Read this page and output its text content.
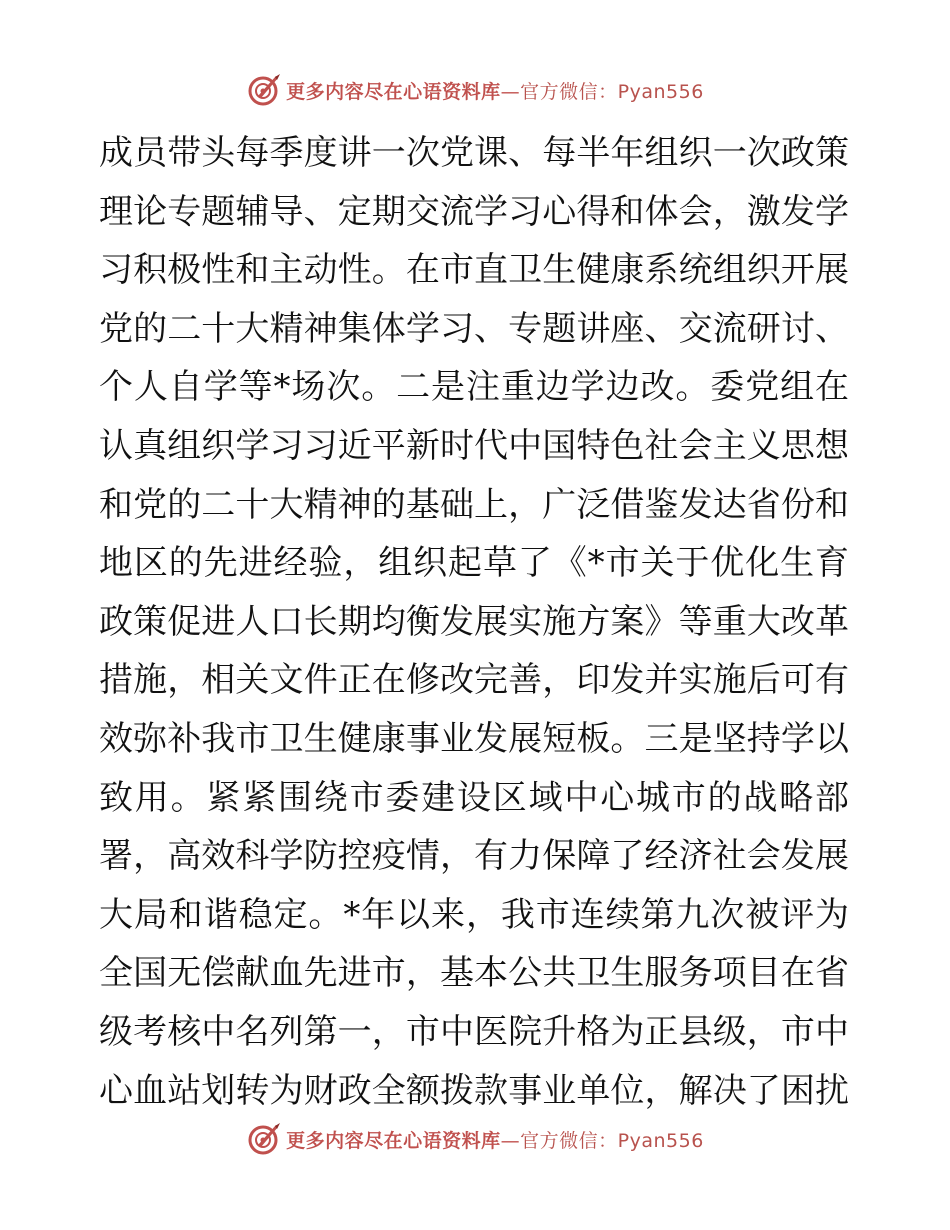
更多内容尽在心语资料库—官方微信：Pyan556
成员带头每季度讲一次党课、每半年组织一次政策
理论专题辅导、定期交流学习心得和体会，激发学
习积极性和主动性。在市直卫生健康系统组织开展
党的二十大精神集体学习、专题讲座、交流研讨、
个人自学等*场次。二是注重边学边改。委党组在
认真组织学习习近平新时代中国特色社会主义思想
和党的二十大精神的基础上，广泛借鉴发达省份和
地区的先进经验，组织起草了《*市关于优化生育
政策促进人口长期均衡发展实施方案》等重大改革
措施，相关文件正在修改完善，印发并实施后可有
效弥补我市卫生健康事业发展短板。三是坚持学以
致用。紧紧围绕市委建设区域中心城市的战略部
署，高效科学防控疫情，有力保障了经济社会发展
大局和谐稳定。*年以来，我市连续第九次被评为
全国无偿献血先进市，基本公共卫生服务项目在省
级考核中名列第一，市中医院升格为正县级，市中
心血站划转为财政全额拨款事业单位，解决了困扰
更多内容尽在心语资料库—官方微信：Pyan556
